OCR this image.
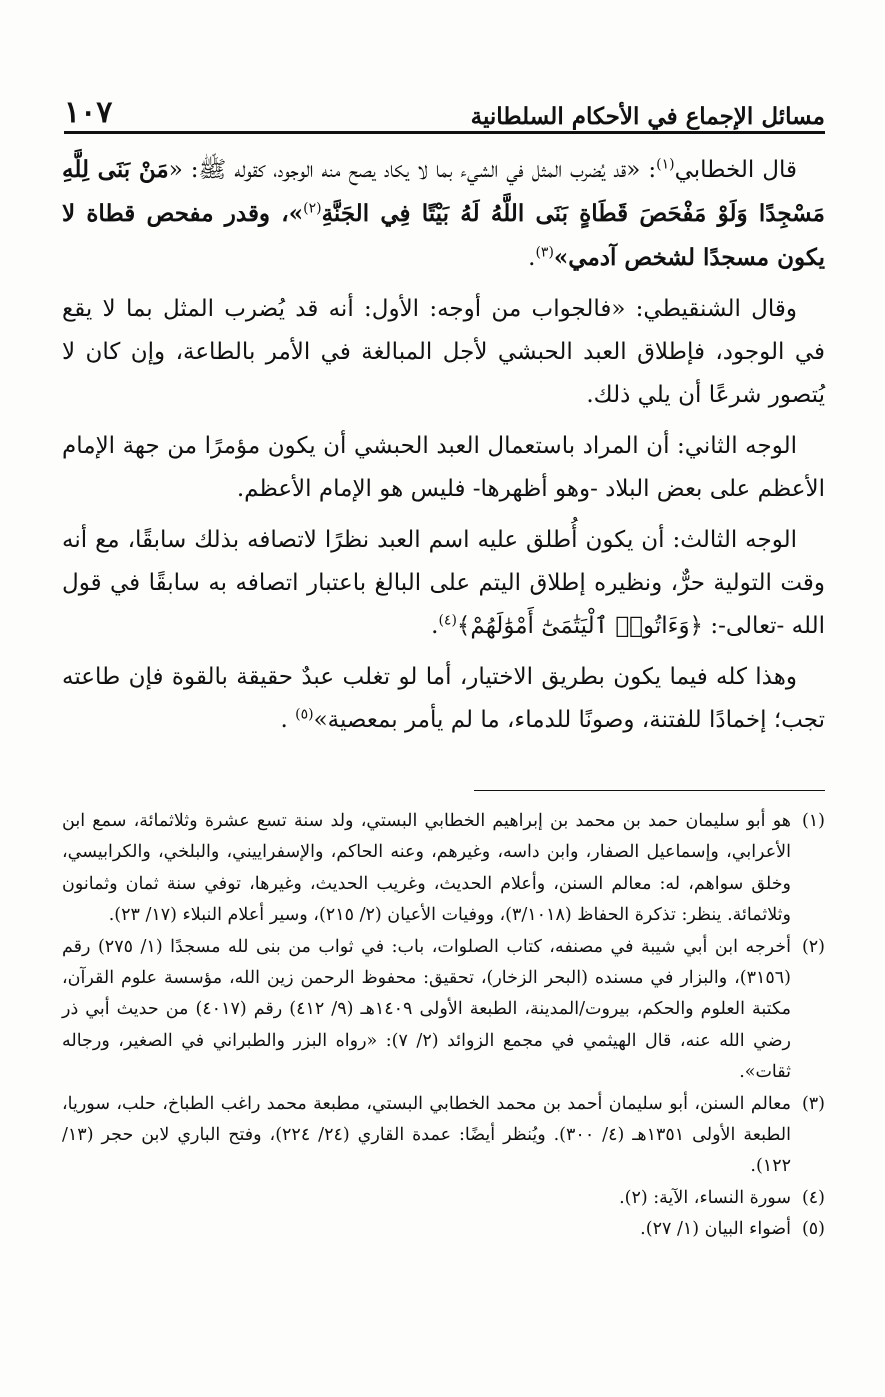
مسائل الإجماع في الأحكام السلطانية
١٠٧

قال الخطابي$^{(١)}$: «قد يُضرب المثل في الشيء بما لا يكاد يصح منه الوجود، كقوله ﷺ: «مَنْ بَنَى لِلَّهِ مَسْجِدًا وَلَوْ مَفْحَصَ قَطَاةٍ بَنَى اللَّهُ لَهُ بَيْتًا فِي الجَنَّةِ$^{(٢)}$»، وقدر مفحص قطاة لا يكون مسجدًا لشخص آدمي»$^{(٣)}$.

وقال الشنقيطي: «فالجواب من أوجه: الأول: أنه قد يُضرب المثل بما لا يقع في الوجود، فإطلاق العبد الحبشي لأجل المبالغة في الأمر بالطاعة، وإن كان لا يُتصور شرعًا أن يلي ذلك.

الوجه الثاني: أن المراد باستعمال العبد الحبشي أن يكون مؤمرًا من جهة الإمام الأعظم على بعض البلاد -وهو أظهرها- فليس هو الإمام الأعظم.

الوجه الثالث: أن يكون أُطلق عليه اسم العبد نظرًا لاتصافه بذلك سابقًا، مع أنه وقت التولية حرٌّ، ونظيره إطلاق اليتم على البالغ باعتبار اتصافه به سابقًا في قول الله -تعالى-: ﴿وَءَاتُوا۟ ٱلْيَتَٰمَىٰٓ أَمْوَٰلَهُمْ﴾$^{(٤)}$.

وهذا كله فيما يكون بطريق الاختيار، أما لو تغلب عبدٌ حقيقة بالقوة فإن طاعته تجب؛ إخمادًا للفتنة، وصونًا للدماء، ما لم يأمر بمعصية»$^{(٥)}$ .

(١)
هو أبو سليمان حمد بن محمد بن إبراهيم الخطابي البستي، ولد سنة تسع عشرة وثلاثمائة، سمع ابن الأعرابي، وإسماعيل الصفار، وابن داسه، وغيرهم، وعنه الحاكم، والإسفراييني، والبلخي، والكرابيسي، وخلق سواهم، له: معالم السنن، وأعلام الحديث، وغريب الحديث، وغيرها، توفي سنة ثمان وثمانون وثلاثمائة. ينظر: تذكرة الحفاظ (٣/١٠١٨)، ووفيات الأعيان (٢/ ٢١٥)، وسير أعلام النبلاء (١٧/ ٢٣).
(٢)
أخرجه ابن أبي شيبة في مصنفه، كتاب الصلوات، باب: في ثواب من بنى لله مسجدًا (١/ ٢٧٥) رقم (٣١٥٦)، والبزار في مسنده (البحر الزخار)، تحقيق: محفوظ الرحمن زين الله، مؤسسة علوم القرآن، مكتبة العلوم والحكم، بيروت/المدينة، الطبعة الأولى ١٤٠٩هـ (٩/ ٤١٢) رقم (٤٠١٧) من حديث أبي ذر رضي الله عنه، قال الهيثمي في مجمع الزوائد (٢/ ٧): «رواه البزر والطبراني في الصغير، ورجاله ثقات».
(٣)
معالم السنن، أبو سليمان أحمد بن محمد الخطابي البستي، مطبعة محمد راغب الطباخ، حلب، سوريا، الطبعة الأولى ١٣٥١هـ (٤/ ٣٠٠). ويُنظر أيضًا: عمدة القاري (٢٤/ ٢٢٤)، وفتح الباري لابن حجر (١٣/ ١٢٢).
(٤)
سورة النساء، الآية: (٢).
(٥)
أضواء البيان (١/ ٢٧).
